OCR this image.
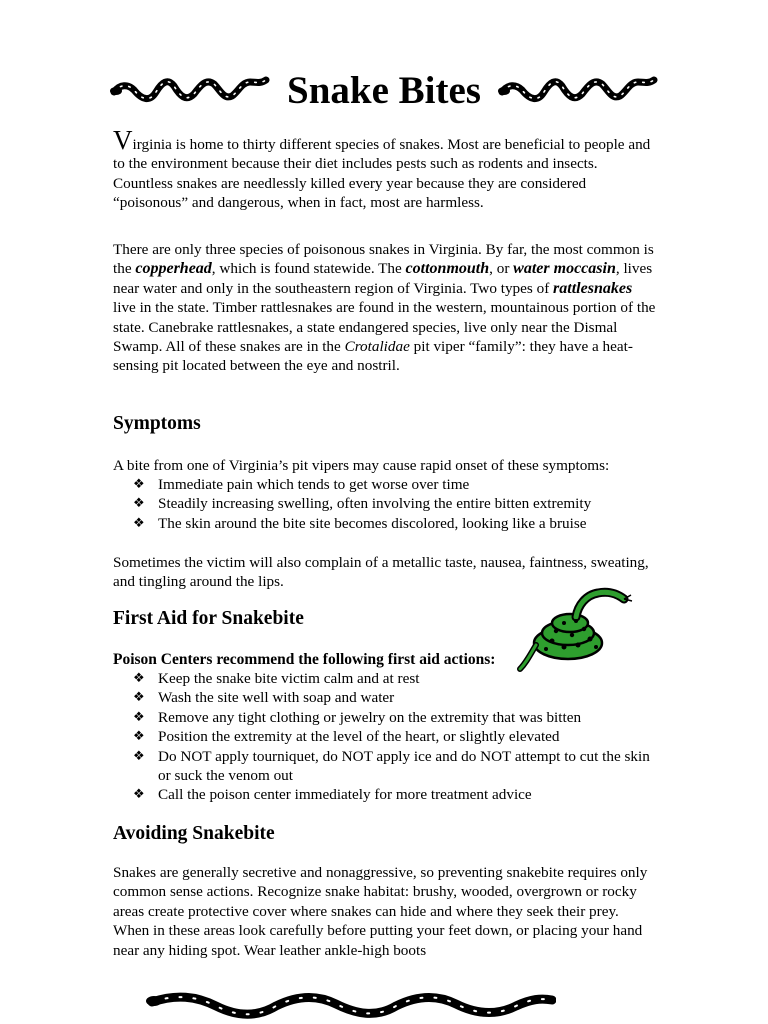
Snake Bites

Virginia is home to thirty different species of snakes. Most are beneficial to people and to the environment because their diet includes pests such as rodents and insects. Countless snakes are needlessly killed every year because they are considered “poisonous” and dangerous, when in fact, most are harmless.

There are only three species of poisonous snakes in Virginia. By far, the most common is the copperhead, which is found statewide. The cottonmouth, or water moccasin, lives near water and only in the southeastern region of Virginia. Two types of rattlesnakes live in the state. Timber rattlesnakes are found in the western, mountainous portion of the state. Canebrake rattlesnakes, a state endangered species, live only near the Dismal Swamp. All of these snakes are in the Crotalidae pit viper “family”: they have a heat-sensing pit located between the eye and nostril.

Symptoms
A bite from one of Virginia’s pit vipers may cause rapid onset of these symptoms:
❖ Immediate pain which tends to get worse over time
❖ Steadily increasing swelling, often involving the entire bitten extremity
❖ The skin around the bite site becomes discolored, looking like a bruise
Sometimes the victim will also complain of a metallic taste, nausea, faintness, sweating, and tingling around the lips.
First Aid for Snakebite
Poison Centers recommend the following first aid actions:
❖ Keep the snake bite victim calm and at rest
❖ Wash the site well with soap and water
❖ Remove any tight clothing or jewelry on the extremity that was bitten
❖ Position the extremity at the level of the heart, or slightly elevated
❖ Do NOT apply tourniquet, do NOT apply ice and do NOT attempt to cut the skin or suck the venom out
❖ Call the poison center immediately for more treatment advice
Avoiding Snakebite
Snakes are generally secretive and nonaggressive, so preventing snakebite requires only common sense actions. Recognize snake habitat: brushy, wooded, overgrown or rocky areas create protective cover where snakes can hide and where they seek their prey. When in these areas look carefully before putting your feet down, or placing your hand near any hiding spot. Wear leather ankle-high boots
